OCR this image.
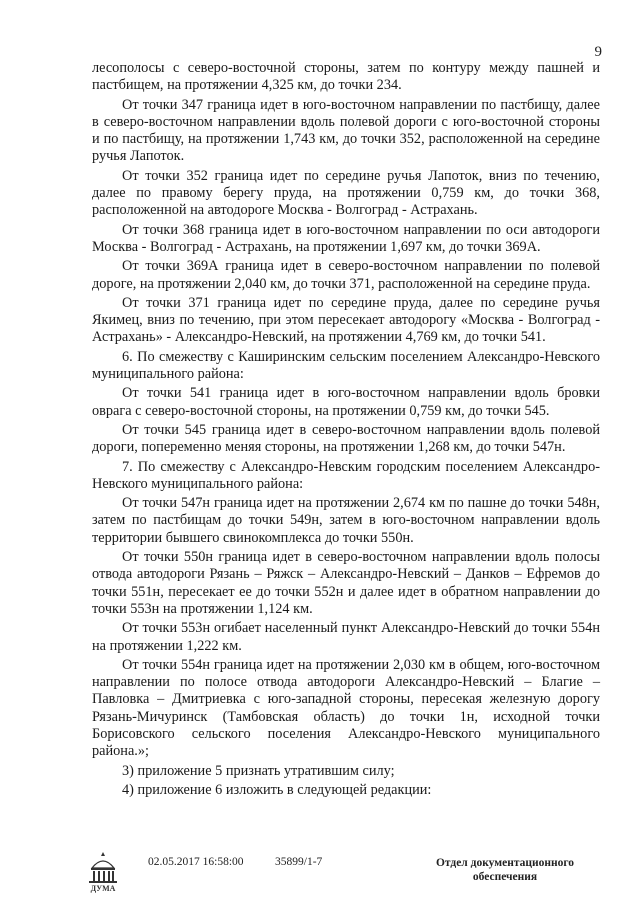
9

лесополосы с северо-восточной стороны, затем по контуру между пашней и пастбищем, на протяжении 4,325 км, до точки 234.

От точки 347 граница идет в юго-восточном направлении по пастбищу, далее в северо-восточном направлении вдоль полевой дороги с юго-восточной стороны и по пастбищу, на протяжении 1,743 км, до точки 352, расположенной на середине ручья Лапоток.

От точки 352 граница идет по середине ручья Лапоток, вниз по течению, далее по правому берегу пруда, на протяжении 0,759 км, до точки 368, расположенной на автодороге Москва - Волгоград - Астрахань.

От точки 368 граница идет в юго-восточном направлении по оси автодороги Москва - Волгоград - Астрахань, на протяжении 1,697 км, до точки 369А.

От точки 369А граница идет в северо-восточном направлении по полевой дороге, на протяжении 2,040 км, до точки 371, расположенной на середине пруда.

От точки 371 граница идет по середине пруда, далее по середине ручья Якимец, вниз по течению, при этом пересекает автодорогу «Москва - Волгоград - Астрахань» - Александро-Невский, на протяжении 4,769 км, до точки 541.

6. По смежеству с Каширинским сельским поселением Александро-Невского муниципального района:

От точки 541 граница идет в юго-восточном направлении вдоль бровки оврага с северо-восточной стороны, на протяжении 0,759 км, до точки 545.

От точки 545 граница идет в северо-восточном направлении вдоль полевой дороги, попеременно меняя стороны, на протяжении 1,268 км, до точки 547н.

7. По смежеству с Александро-Невским городским поселением Александро-Невского муниципального района:

От точки 547н граница идет на протяжении 2,674 км по пашне до точки 548н, затем по пастбищам до точки 549н, затем в юго-восточном направлении вдоль территории бывшего свинокомплекса до точки 550н.

От точки 550н граница идет в северо-восточном направлении вдоль полосы отвода автодороги Рязань – Ряжск – Александро-Невский – Данков – Ефремов до точки 551н, пересекает ее до точки 552н и далее идет в обратном направлении до точки 553н на протяжении 1,124 км.

От точки 553н огибает населенный пункт Александро-Невский до точки 554н на протяжении 1,222 км.

От точки 554н граница идет на протяжении 2,030 км в общем, юго-восточном направлении по полосе отвода автодороги Александро-Невский – Благие – Павловка – Дмитриевка с юго-западной стороны, пересекая железную дорогу Рязань-Мичуринск (Тамбовская область) до точки 1н, исходной точки Борисовского сельского поселения Александро-Невского муниципального района.»;

3) приложение 5 признать утратившим силу;

4) приложение 6 изложить в следующей редакции:

ДУМА
02.05.2017 16:58:00	35899/1-7	Отдел документационного
обеспечения
